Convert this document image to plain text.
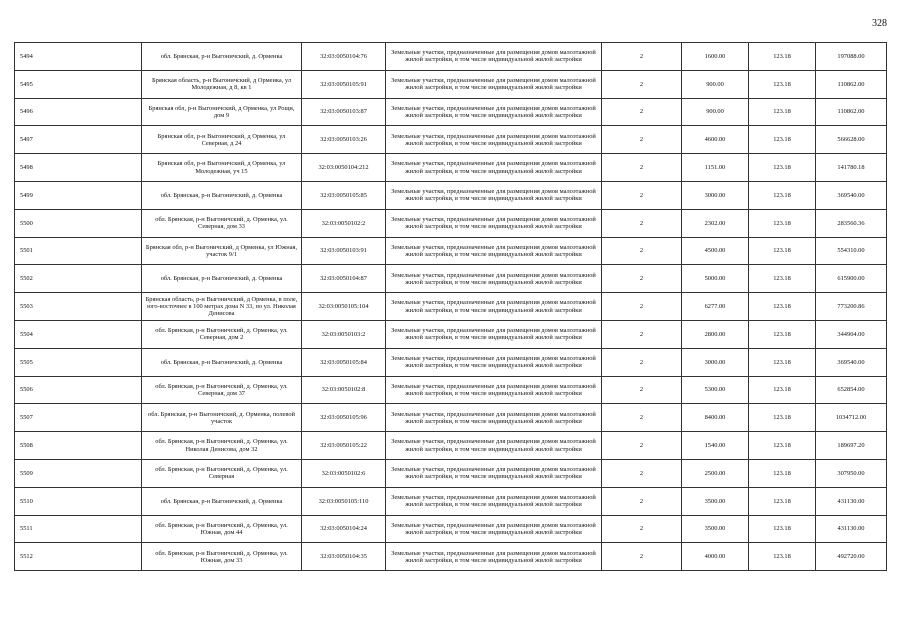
328
5494	обл. Брянская, р-н Выгоничский, д. Орменка	32:03:0050104:76	Земельные участки, предназначенные для размещения домов малоэтажной жилой застройки, в том числе индивидуальной жилой застройки	2	1600.00	123.18	197088.00
5495	Брянская область, р-н Выгоничский, д Орменка, ул Молодежная, д 8, кв 1	32:03:0050105:91	Земельные участки, предназначенные для размещения домов малоэтажной жилой застройки, в том числе индивидуальной жилой застройки	2	900.00	123.18	110862.00
5496	Брянская обл, р-н Выгоничский, д Орменка, ул Рощи, дом 9	32:03:0050103:87	Земельные участки, предназначенные для размещения домов малоэтажной жилой застройки, в том числе индивидуальной жилой застройки	2	900.00	123.18	110862.00
5497	Брянская обл, р-н Выгоничский, д Орменка, ул Северная, д 24	32:03:0050103:26	Земельные участки, предназначенные для размещения домов малоэтажной жилой застройки, в том числе индивидуальной жилой застройки	2	4600.00	123.18	566628.00
5498	Брянская обл, р-н Выгоничский, д Орменка, ул Молодежная, уч 15	32:03:0050104:212	Земельные участки, предназначенные для размещения домов малоэтажной жилой застройки, в том числе индивидуальной жилой застройки	2	1151.00	123.18	141780.18
5499	обл. Брянская, р-н Выгоничский, д. Орменка	32:03:0050105:85	Земельные участки, предназначенные для размещения домов малоэтажной жилой застройки, в том числе индивидуальной жилой застройки	2	3000.00	123.18	369540.00
5500	обл. Брянская, р-н Выгоничский, д. Орменка, ул. Северная, дом 33	32:03:0050102:2	Земельные участки, предназначенные для размещения домов малоэтажной жилой застройки, в том числе индивидуальной жилой застройки	2	2302.00	123.18	283560.36
5501	Брянская обл, р-н Выгоничский, д Орменка, ул Южная, участок 9/1	32:03:0050103:91	Земельные участки, предназначенные для размещения домов малоэтажной жилой застройки, в том числе индивидуальной жилой застройки	2	4500.00	123.18	554310.00
5502	обл. Брянская, р-н Выгоничский, д. Орменка	32:03:0050104:87	Земельные участки, предназначенные для размещения домов малоэтажной жилой застройки, в том числе индивидуальной жилой застройки	2	5000.00	123.18	615900.00
5503	Брянская область, р-н Выгоничский, д Орменка, в поле, юго-восточнее в 100 метрах дома N 33, по ул. Николая Денисова	32:03:0050105:104	Земельные участки, предназначенные для размещения домов малоэтажной жилой застройки, в том числе индивидуальной жилой застройки	2	6277.00	123.18	773200.86
5504	обл. Брянская, р-н Выгоничский, д. Орменка, ул. Северная, дом 2	32:03:0050103:2	Земельные участки, предназначенные для размещения домов малоэтажной жилой застройки, в том числе индивидуальной жилой застройки	2	2800.00	123.18	344904.00
5505	обл. Брянская, р-н Выгоничский, д. Орменка	32:03:0050105:84	Земельные участки, предназначенные для размещения домов малоэтажной жилой застройки, в том числе индивидуальной жилой застройки	2	3000.00	123.18	369540.00
5506	обл. Брянская, р-н Выгоничский, д. Орменка, ул. Северная, дом 37	32:03:0050102:8	Земельные участки, предназначенные для размещения домов малоэтажной жилой застройки, в том числе индивидуальной жилой застройки	2	5300.00	123.18	652854.00
5507	обл. Брянская, р-н Выгоничский, д. Орменка, полевой участок	32:03:0050105:96	Земельные участки, предназначенные для размещения домов малоэтажной жилой застройки, в том числе индивидуальной жилой застройки	2	8400.00	123.18	1034712.00
5508	обл. Брянская, р-н Выгоничский, д. Орменка, ул. Николая Денисова, дом 32	32:03:0050105:22	Земельные участки, предназначенные для размещения домов малоэтажной жилой застройки, в том числе индивидуальной жилой застройки	2	1540.00	123.18	189697.20
5509	обл. Брянская, р-н Выгоничский, д. Орменка, ул. Северная	32:03:0050102:6	Земельные участки, предназначенные для размещения домов малоэтажной жилой застройки, в том числе индивидуальной жилой застройки	2	2500.00	123.18	307950.00
5510	обл. Брянская, р-н Выгоничский, д. Орменка	32:03:0050105:110	Земельные участки, предназначенные для размещения домов малоэтажной жилой застройки, в том числе индивидуальной жилой застройки	2	3500.00	123.18	431130.00
5511	обл. Брянская, р-н Выгоничский, д. Орменка, ул. Южная, дом 44	32:03:0050104:24	Земельные участки, предназначенные для размещения домов малоэтажной жилой застройки, в том числе индивидуальной жилой застройки	2	3500.00	123.18	431130.00
5512	обл. Брянская, р-н Выгоничский, д. Орменка, ул. Южная, дом 33	32:03:0050104:35	Земельные участки, предназначенные для размещения домов малоэтажной жилой застройки, в том числе индивидуальной жилой застройки	2	4000.00	123.18	492720.00
